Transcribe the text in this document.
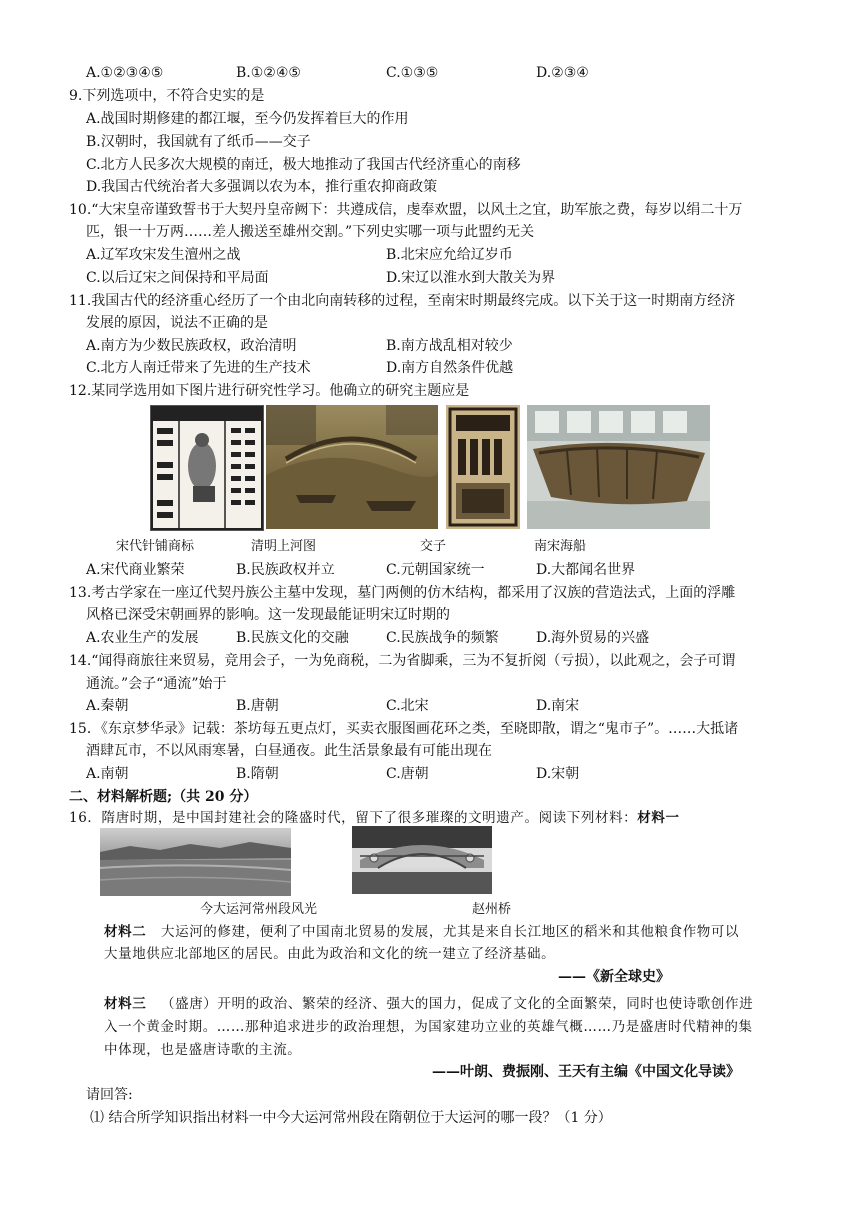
A.①②③④⑤	B.①②④⑤	C.①③⑤	D.②③④
9.下列选项中，不符合史实的是
A.战国时期修建的都江堰，至今仍发挥着巨大的作用
B.汉朝时，我国就有了纸币——交子
C.北方人民多次大规模的南迁，极大地推动了我国古代经济重心的南移
D.我国古代统治者大多强调以农为本，推行重农抑商政策
10.“大宋皇帝谨致誓书于大契丹皇帝阙下：共遵成信，虔奉欢盟，以风土之宜，助军旅之费，每岁以绢二十万
匹，银一十万两……差人搬送至雄州交割。”下列史实哪一项与此盟约无关
A.辽军攻宋发生澶州之战	B.北宋应允给辽岁币
C.以后辽宋之间保持和平局面	D.宋辽以淮水到大散关为界
11.我国古代的经济重心经历了一个由北向南转移的过程，至南宋时期最终完成。以下关于这一时期南方经济
发展的原因，说法不正确的是
A.南方为少数民族政权，政治清明	B.南方战乱相对较少
C.北方人南迁带来了先进的生产技术	D.南方自然条件优越
12.某同学选用如下图片进行研究性学习。他确立的研究主题应是
宋代针铺商标	清明上河图	交子	南宋海船
A.宋代商业繁荣	B.民族政权并立	C.元朝国家统一	D.大都闻名世界
13.考古学家在一座辽代契丹族公主墓中发现，墓门两侧的仿木结构，都采用了汉族的营造法式，上面的浮雕
风格已深受宋朝画界的影响。这一发现最能证明宋辽时期的
A.农业生产的发展	B.民族文化的交融	C.民族战争的频繁	D.海外贸易的兴盛
14.“闻得商旅往来贸易，竞用会子，一为免商税，二为省脚乘，三为不复折阅（亏损），以此观之，会子可谓
通流。”会子“通流”始于
A.秦朝	B.唐朝	C.北宋	D.南宋
15．《东京梦华录》记载：茶坊每五更点灯，买卖衣服图画花环之类，至晓即散，谓之“鬼市子”。……大抵诸
酒肆瓦市，不以风雨寒暑，白昼通夜。此生活景象最有可能出现在
A.南朝	B.隋朝	C.唐朝	D.宋朝
二、材料解析题;（共 20 分）
16．隋唐时期，是中国封建社会的隆盛时代，留下了很多璀璨的文明遗产。阅读下列材料：材料一
今大运河常州段风光	赵州桥
材料二 大运河的修建，便利了中国南北贸易的发展，尤其是来自长江地区的稻米和其他粮食作物可以
大量地供应北部地区的居民。由此为政治和文化的统一建立了经济基础。
——《新全球史》
材料三 （盛唐）开明的政治、繁荣的经济、强大的国力，促成了文化的全面繁荣，同时也使诗歌创作进
入一个黄金时期。……那种追求进步的政治理想，为国家建功立业的英雄气概……乃是盛唐时代精神的集
中体现，也是盛唐诗歌的主流。
——叶朗、费振刚、王天有主编《中国文化导读》
请回答:
⑴ 结合所学知识指出材料一中今大运河常州段在隋朝位于大运河的哪一段？（1 分）
